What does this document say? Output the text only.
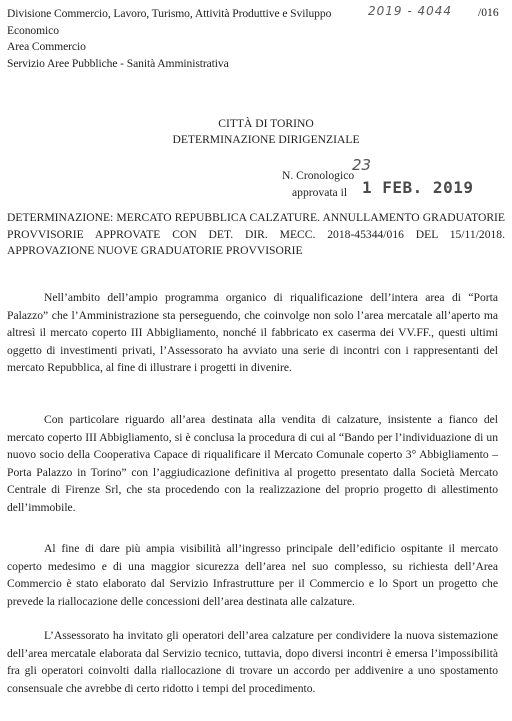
Divisione Commercio, Lavoro, Turismo, Attività Produttive e Sviluppo
Economico
Area Commercio
Servizio Aree Pubbliche - Sanità Amministrativa
2019 - 4044 /016
CITTÀ DI TORINO
DETERMINAZIONE DIRIGENZIALE
23
N. Cronologico
approvata il 1 FEB. 2019
DETERMINAZIONE: MERCATO REPUBBLICA CALZATURE. ANNULLAMENTO GRADUATORIE PROVVISORIE APPROVATE CON DET. DIR. MECC. 2018-45344/016 DEL 15/11/2018. APPROVAZIONE NUOVE GRADUATORIE PROVVISORIE
Nell’ambito dell’ampio programma organico di riqualificazione dell’intera area di “Porta Palazzo” che l’Amministrazione sta perseguendo, che coinvolge non solo l’area mercatale all’aperto ma altresì il mercato coperto III Abbigliamento, nonché il fabbricato ex caserma dei VV.FF., questi ultimi oggetto di investimenti privati, l’Assessorato ha avviato una serie di incontri con i rappresentanti del mercato Repubblica, al fine di illustrare i progetti in divenire.
Con particolare riguardo all’area destinata alla vendita di calzature, insistente a fianco del mercato coperto III Abbigliamento, si è conclusa la procedura di cui al “Bando per l’individuazione di un nuovo socio della Cooperativa Capace di riqualificare il Mercato Comunale coperto 3° Abbigliamento – Porta Palazzo in Torino” con l’aggiudicazione definitiva al progetto presentato dalla Società Mercato Centrale di Firenze Srl, che sta procedendo con la realizzazione del proprio progetto di allestimento dell’immobile.
Al fine di dare più ampia visibilità all’ingresso principale dell’edificio ospitante il mercato coperto medesimo e di una maggior sicurezza dell’area nel suo complesso, su richiesta dell’Area Commercio è stato elaborato dal Servizio Infrastrutture per il Commercio e lo Sport un progetto che prevede la riallocazione delle concessioni dell’area destinata alle calzature.
L’Assessorato ha invitato gli operatori dell’area calzature per condividere la nuova sistemazione dell’area mercatale elaborata dal Servizio tecnico, tuttavia, dopo diversi incontri è emersa l’impossibilità fra gli operatori coinvolti dalla riallocazione di trovare un accordo per addivenire a uno spostamento consensuale che avrebbe di certo ridotto i tempi del procedimento.
